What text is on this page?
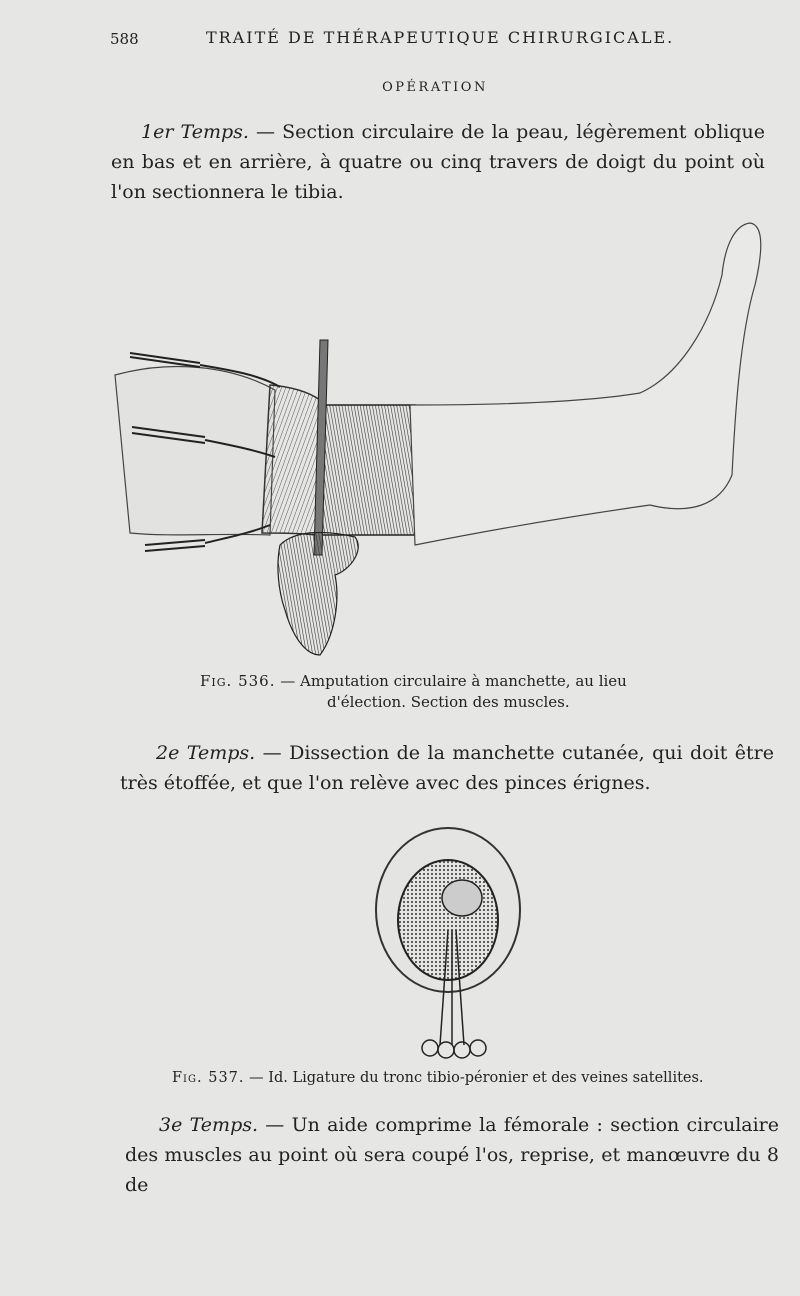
588	TRAITÉ DE THÉRAPEUTIQUE CHIRURGICALE.
OPÉRATION

1er Temps. — Section circulaire de la peau, légèrement oblique en bas et en arrière, à quatre ou cinq travers de doigt du point où l'on sectionnera le tibia.

Fig. 536. — Amputation circulaire à manchette, au lieu
d'élection. Section des muscles.

2e Temps. — Dissection de la manchette cutanée, qui doit être très étoffée, et que l'on relève avec des pinces érignes.

Fig. 537. — Id. Ligature du tronc tibio-péronier et des veines satellites.

3e Temps. — Un aide comprime la fémorale : section circulaire des muscles au point où sera coupé l'os, reprise, et manœuvre du 8 de
